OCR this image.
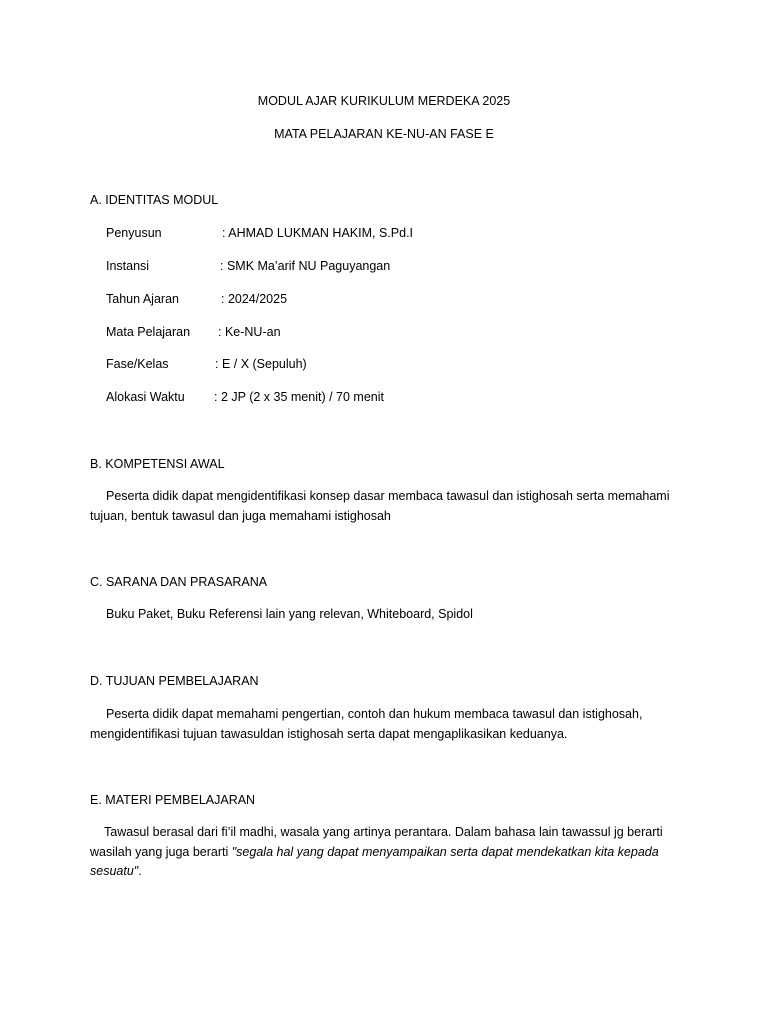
MODUL AJAR KURIKULUM MERDEKA 2025
MATA PELAJARAN KE-NU-AN FASE E
A. IDENTITAS MODUL
Penyusun	: AHMAD LUKMAN HAKIM, S.Pd.I
Instansi	: SMK Ma’arif NU Paguyangan
Tahun Ajaran	: 2024/2025
Mata Pelajaran : Ke-NU-an
Fase/Kelas	: E / X (Sepuluh)
Alokasi Waktu : 2 JP (2 x 35 menit) / 70 menit
B. KOMPETENSI AWAL
Peserta didik dapat mengidentifikasi konsep dasar membaca tawasul dan istighosah serta memahami tujuan, bentuk tawasul dan juga memahami istighosah
C. SARANA DAN PRASARANA
Buku Paket, Buku Referensi lain yang relevan, Whiteboard, Spidol
D. TUJUAN PEMBELAJARAN
Peserta didik dapat memahami pengertian, contoh dan hukum membaca tawasul dan istighosah, mengidentifikasi tujuan tawasuldan istighosah serta dapat mengaplikasikan keduanya.
E. MATERI PEMBELAJARAN
Tawasul berasal dari fi’il madhi, wasala yang artinya perantara. Dalam bahasa lain tawassul jg berarti wasilah yang juga berarti "segala hal yang dapat menyampaikan serta dapat mendekatkan kita kepada sesuatu".
